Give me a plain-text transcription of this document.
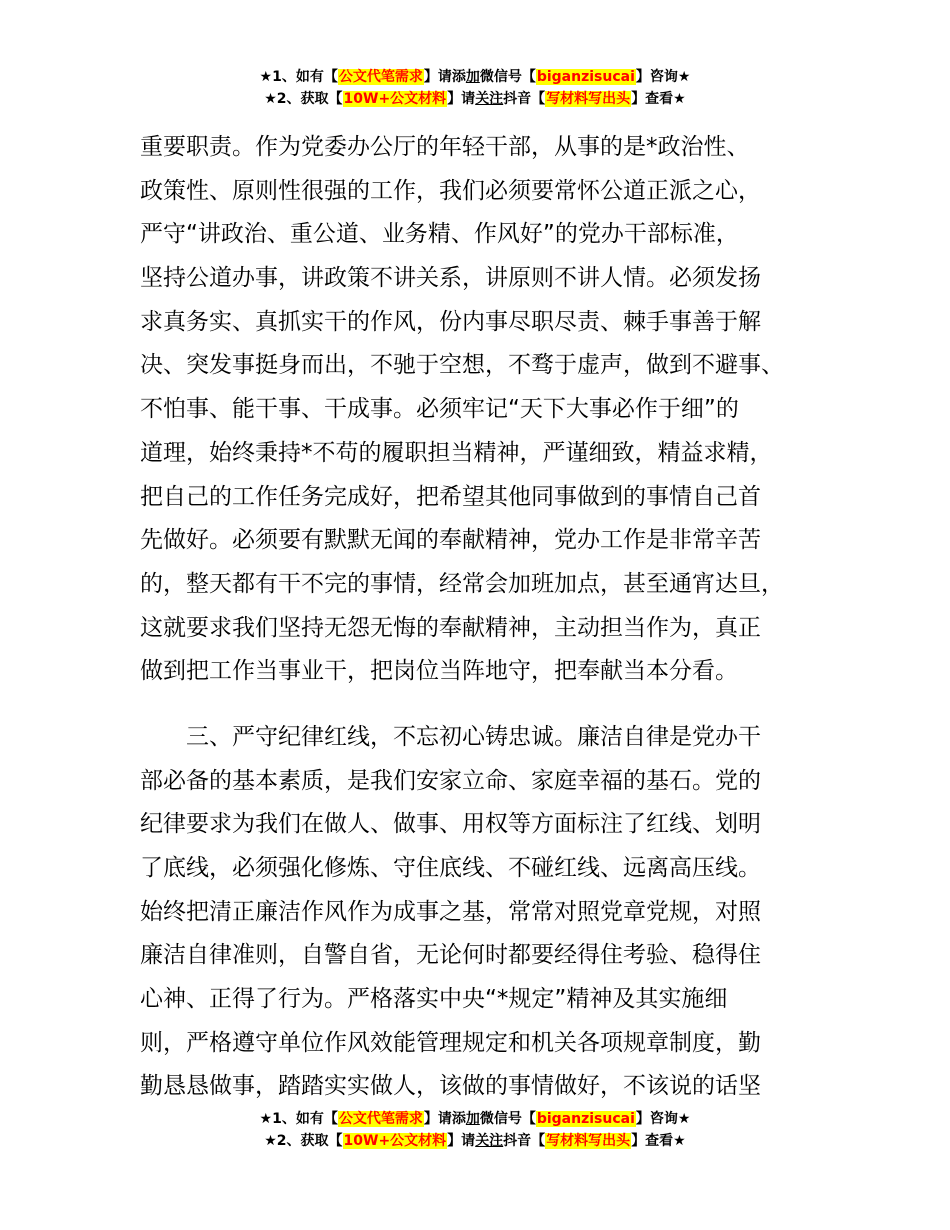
★1、如有【公文代笔需求】请添加微信号【biganzisucai】咨询★
★2、获取【10W+公文材料】请关注抖音【写材料写出头】查看★

重要职责。作为党委办公厅的年轻干部，从事的是*政治性、

政策性、原则性很强的工作，我们必须要常怀公道正派之心，

严守“讲政治、重公道、业务精、作风好”的党办干部标准，

坚持公道办事，讲政策不讲关系，讲原则不讲人情。必须发扬

求真务实、真抓实干的作风，份内事尽职尽责、棘手事善于解

决、突发事挺身而出，不驰于空想，不骛于虚声，做到不避事、

不怕事、能干事、干成事。必须牢记“天下大事必作于细”的

道理，始终秉持*不苟的履职担当精神，严谨细致，精益求精，

把自己的工作任务完成好，把希望其他同事做到的事情自己首

先做好。必须要有默默无闻的奉献精神，党办工作是非常辛苦

的，整天都有干不完的事情，经常会加班加点，甚至通宵达旦，

这就要求我们坚持无怨无悔的奉献精神，主动担当作为，真正

做到把工作当事业干，把岗位当阵地守，把奉献当本分看。

　　三、严守纪律红线，不忘初心铸忠诚。廉洁自律是党办干

部必备的基本素质，是我们安家立命、家庭幸福的基石。党的

纪律要求为我们在做人、做事、用权等方面标注了红线、划明

了底线，必须强化修炼、守住底线、不碰红线、远离高压线。

始终把清正廉洁作风作为成事之基，常常对照党章党规，对照

廉洁自律准则，自警自省，无论何时都要经得住考验、稳得住

心神、正得了行为。严格落实中央“*规定”精神及其实施细

则，严格遵守单位作风效能管理规定和机关各项规章制度，勤

勤恳恳做事，踏踏实实做人，该做的事情做好，不该说的话坚

★1、如有【公文代笔需求】请添加微信号【biganzisucai】咨询★
★2、获取【10W+公文材料】请关注抖音【写材料写出头】查看★
